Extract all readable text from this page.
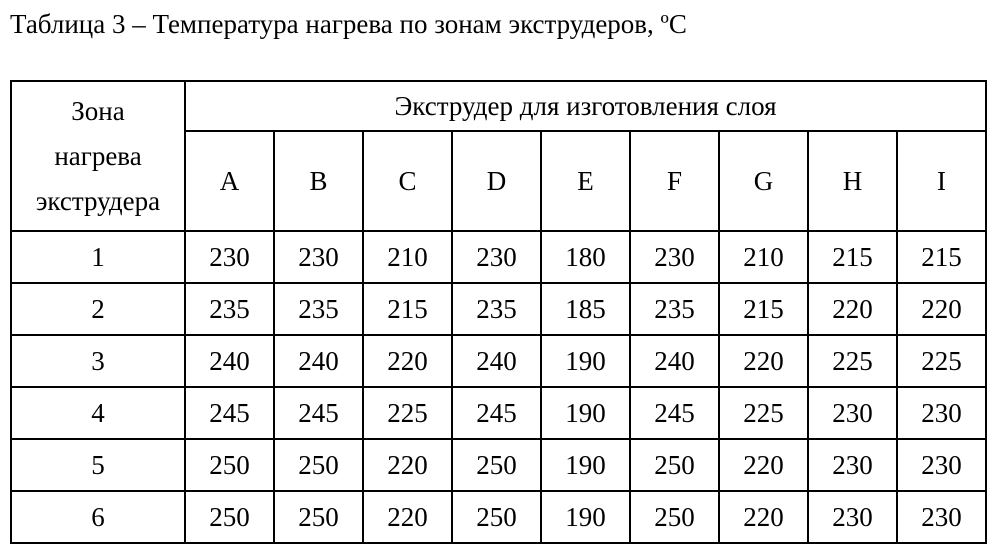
Таблица 3 – Температура нагрева по зонам экструдеров, ºС
Зона
нагрева
экструдера	Экструдер для изготовления слоя								
	A	B	C	D	E	F	G	H	I
1	230	230	210	230	180	230	210	215	215
2	235	235	215	235	185	235	215	220	220
3	240	240	220	240	190	240	220	225	225
4	245	245	225	245	190	245	225	230	230
5	250	250	220	250	190	250	220	230	230
6	250	250	220	250	190	250	220	230	230
